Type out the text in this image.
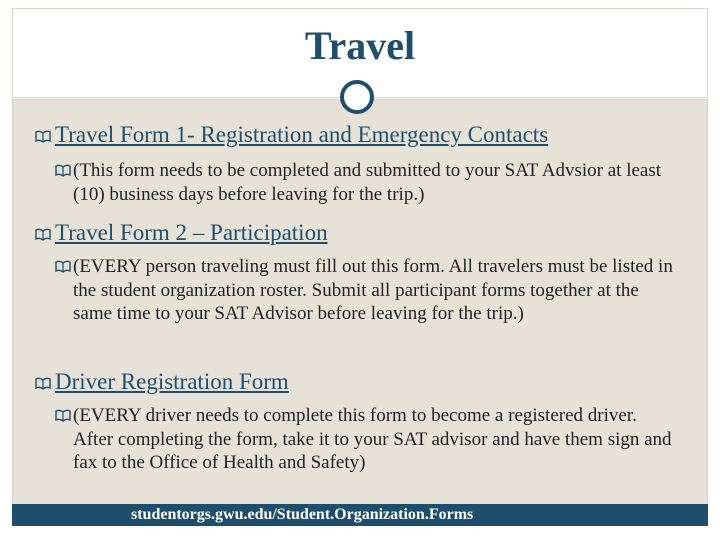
Travel
Travel Form 1- Registration and Emergency Contacts
(This form needs to be completed and submitted to your SAT Advsior at least (10) business days before leaving for the trip.)
Travel Form 2 – Participation
(EVERY person traveling must fill out this form. All travelers must be listed in the student organization roster. Submit all participant forms together at the same time to your SAT Advisor before leaving for the trip.)
Driver Registration Form
(EVERY driver needs to complete this form to become a registered driver. After completing the form, take it to your SAT advisor and have them sign and fax to the Office of Health and Safety)
studentorgs.gwu.edu/Student.Organization.Forms
